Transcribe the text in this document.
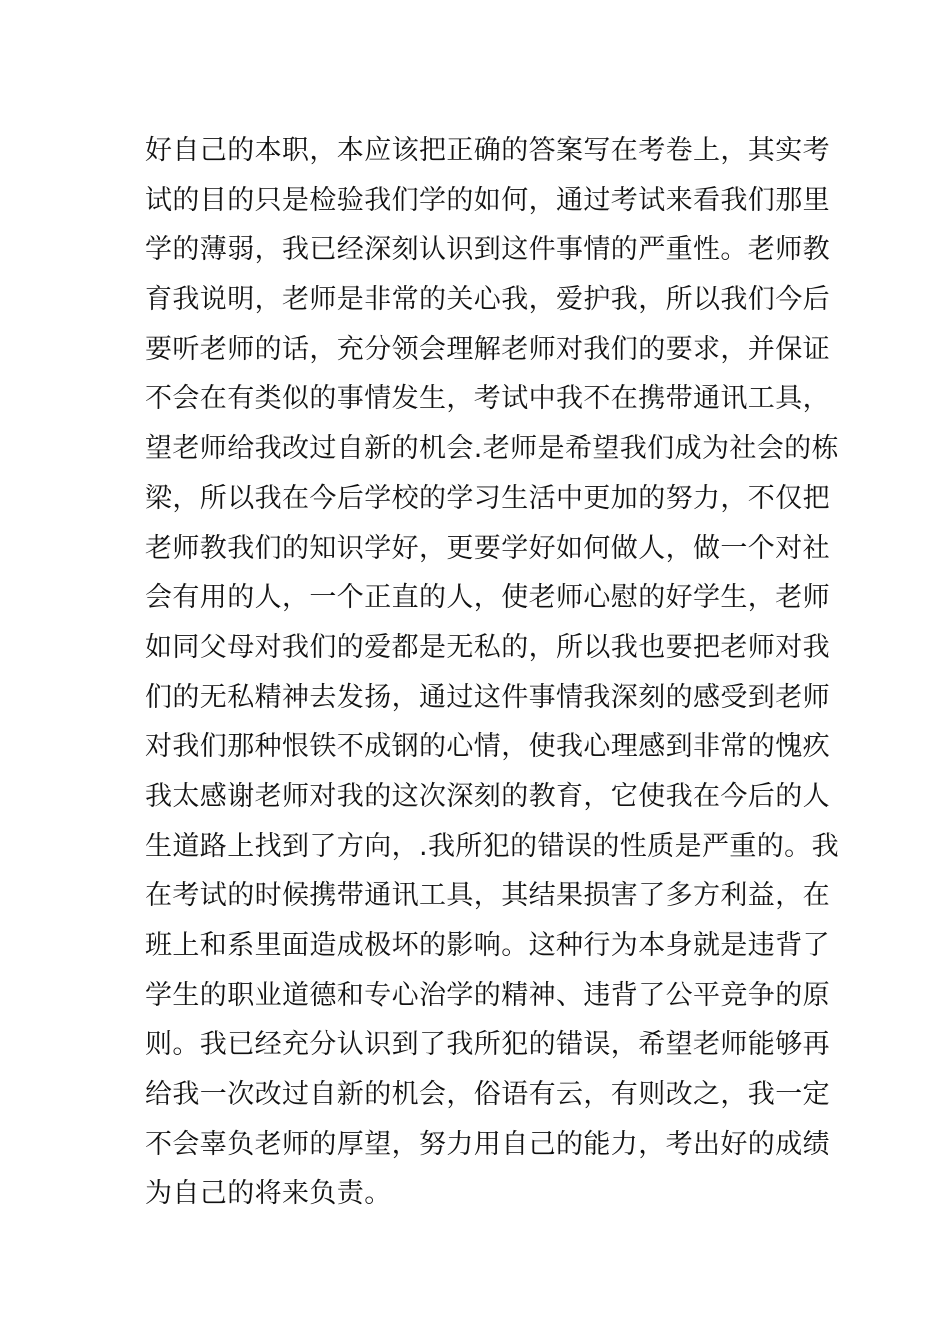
好自己的本职，本应该把正确的答案写在考卷上，其实考
试的目的只是检验我们学的如何，通过考试来看我们那里
学的薄弱，我已经深刻认识到这件事情的严重性。老师教
育我说明，老师是非常的关心我，爱护我，所以我们今后
要听老师的话，充分领会理解老师对我们的要求，并保证
不会在有类似的事情发生，考试中我不在携带通讯工具，
望老师给我改过自新的机会.老师是希望我们成为社会的栋
梁，所以我在今后学校的学习生活中更加的努力，不仅把
老师教我们的知识学好，更要学好如何做人，做一个对社
会有用的人，一个正直的人，使老师心慰的好学生，老师
如同父母对我们的爱都是无私的，所以我也要把老师对我
们的无私精神去发扬，通过这件事情我深刻的感受到老师
对我们那种恨铁不成钢的心情，使我心理感到非常的愧疚
我太感谢老师对我的这次深刻的教育，它使我在今后的人
生道路上找到了方向，.我所犯的错误的性质是严重的。我
在考试的时候携带通讯工具，其结果损害了多方利益，在
班上和系里面造成极坏的影响。这种行为本身就是违背了
学生的职业道德和专心治学的精神、违背了公平竞争的原
则。我已经充分认识到了我所犯的错误，希望老师能够再
给我一次改过自新的机会，俗语有云，有则改之，我一定
不会辜负老师的厚望，努力用自己的能力，考出好的成绩
为自己的将来负责。
